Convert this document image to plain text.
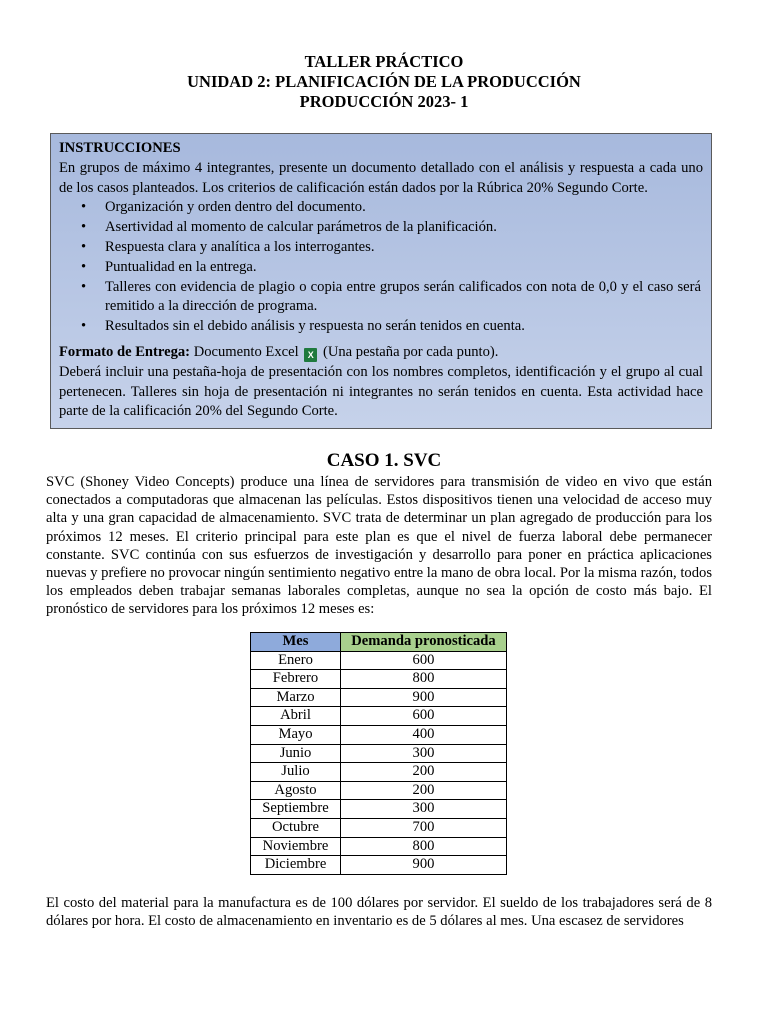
TALLER PRÁCTICO
UNIDAD 2: PLANIFICACIÓN DE LA PRODUCCIÓN
PRODUCCIÓN 2023- 1
INSTRUCCIONES

En grupos de máximo 4 integrantes, presente un documento detallado con el análisis y respuesta a cada uno de los casos planteados. Los criterios de calificación están dados por la Rúbrica 20% Segundo Corte.

• Organización y orden dentro del documento.
• Asertividad al momento de calcular parámetros de la planificación.
• Respuesta clara y analítica a los interrogantes.
• Puntualidad en la entrega.
• Talleres con evidencia de plagio o copia entre grupos serán calificados con nota de 0,0 y el caso será remitido a la dirección de programa.
• Resultados sin el debido análisis y respuesta no serán tenidos en cuenta.

Formato de Entrega: Documento Excel X (Una pestaña por cada punto).

Deberá incluir una pestaña-hoja de presentación con los nombres completos, identificación y el grupo al cual pertenecen. Talleres sin hoja de presentación ni integrantes no serán tenidos en cuenta. Esta actividad hace parte de la calificación 20% del Segundo Corte.

CASO 1. SVC

SVC (Shoney Video Concepts) produce una línea de servidores para transmisión de video en vivo que están conectados a computadoras que almacenan las películas. Estos dispositivos tienen una velocidad de acceso muy alta y una gran capacidad de almacenamiento. SVC trata de determinar un plan agregado de producción para los próximos 12 meses. El criterio principal para este plan es que el nivel de fuerza laboral debe permanecer constante. SVC continúa con sus esfuerzos de investigación y desarrollo para poner en práctica aplicaciones nuevas y prefiere no provocar ningún sentimiento negativo entre la mano de obra local. Por la misma razón, todos los empleados deben trabajar semanas laborales completas, aunque no sea la opción de costo más bajo. El pronóstico de servidores para los próximos 12 meses es:

Mes	Demanda pronosticada
Enero	600
Febrero	800
Marzo	900
Abril	600
Mayo	400
Junio	300
Julio	200
Agosto	200
Septiembre	300
Octubre	700
Noviembre	800
Diciembre	900

El costo del material para la manufactura es de 100 dólares por servidor. El sueldo de los trabajadores será de 8 dólares por hora. El costo de almacenamiento en inventario es de 5 dólares al mes. Una escasez de servidores
